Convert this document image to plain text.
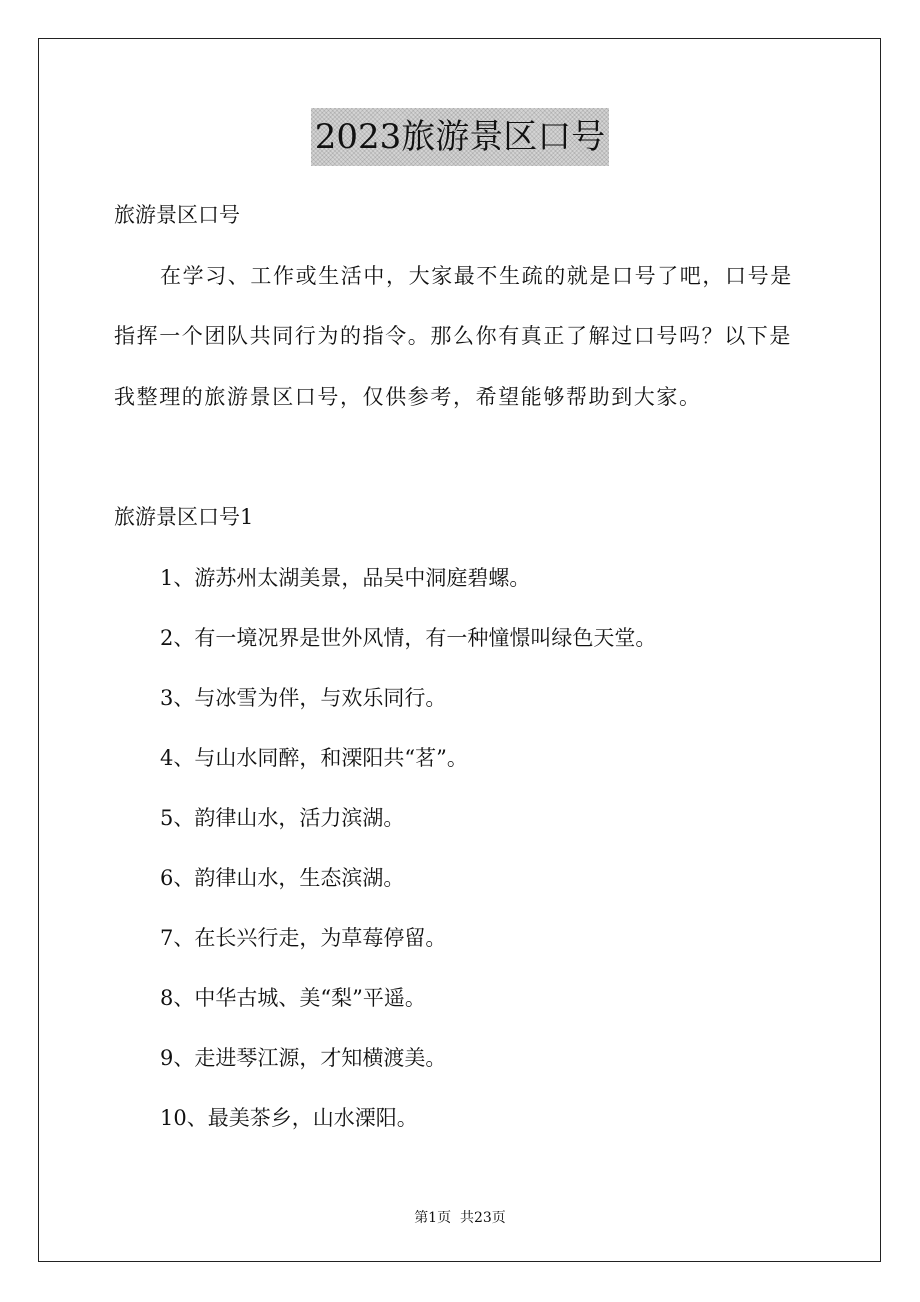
2023旅游景区口号
旅游景区口号
在学习、工作或生活中，大家最不生疏的就是口号了吧，口号是
指挥一个团队共同行为的指令。那么你有真正了解过口号吗？以下是
我整理的旅游景区口号，仅供参考，希望能够帮助到大家。
旅游景区口号1
1、游苏州太湖美景，品吴中洞庭碧螺。
2、有一境况界是世外风情，有一种憧憬叫绿色天堂。
3、与冰雪为伴，与欢乐同行。
4、与山水同醉，和溧阳共“茗”。
5、韵律山水，活力滨湖。
6、韵律山水，生态滨湖。
7、在长兴行走，为草莓停留。
8、中华古城、美“梨”平遥。
9、走进琴江源，才知横渡美。
10、最美茶乡，山水溧阳。
第1页  共23页
